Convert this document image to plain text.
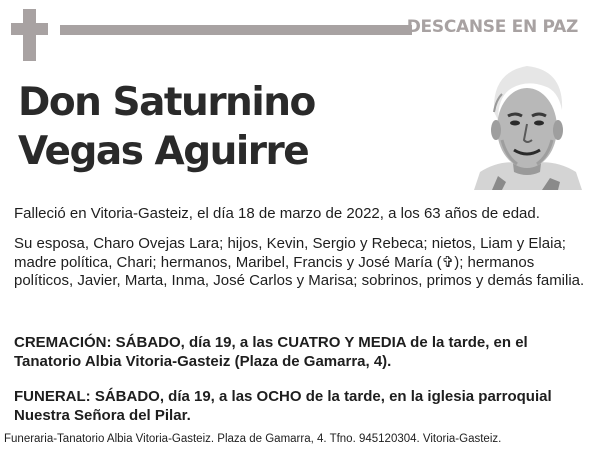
DESCANSE EN PAZ
Don Saturnino
Vegas Aguirre

Falleció en Vitoria-Gasteiz, el día 18 de marzo de 2022, a los 63 años de edad.

Su esposa, Charo Ovejas Lara; hijos, Kevin, Sergio y Rebeca; nietos, Liam y Elaia; madre política, Chari; hermanos, Maribel, Francis y José María (✞); hermanos políticos, Javier, Marta, Inma, José Carlos y Marisa; sobrinos, primos y demás familia.

CREMACIÓN: SÁBADO, día 19, a las CUATRO Y MEDIA de la tarde, en el Tanatorio Albia Vitoria-Gasteiz (Plaza de Gamarra, 4).

FUNERAL: SÁBADO, día 19, a las OCHO de la tarde, en la iglesia parroquial Nuestra Señora del Pilar.

Funeraria-Tanatorio Albia Vitoria-Gasteiz. Plaza de Gamarra, 4. Tfno. 945120304. Vitoria-Gasteiz.
